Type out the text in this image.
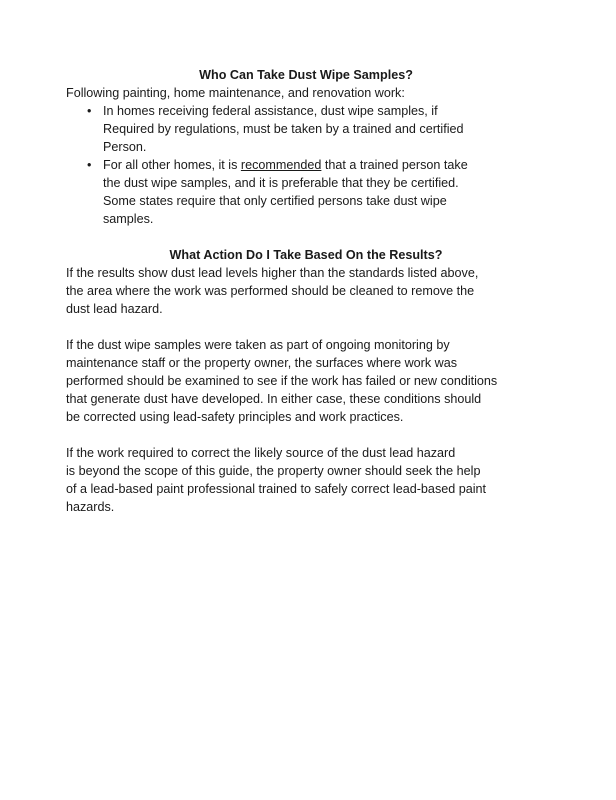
Who Can Take Dust Wipe Samples?

Following painting, home maintenance, and renovation work:

• In homes receiving federal assistance, dust wipe samples, if
Required by regulations, must be taken by a trained and certified
Person.
• For all other homes, it is recommended that a trained person take
the dust wipe samples, and it is preferable that they be certified.
Some states require that only certified persons take dust wipe
samples.
What Action Do I Take Based On the Results?

If the results show dust lead levels higher than the standards listed above,
the area where the work was performed should be cleaned to remove the
dust lead hazard.

If the dust wipe samples were taken as part of ongoing monitoring by
maintenance staff or the property owner, the surfaces where work was
performed should be examined to see if the work has failed or new conditions
that generate dust have developed. In either case, these conditions should
be corrected using lead-safety principles and work practices.

If the work required to correct the likely source of the dust lead hazard
is beyond the scope of this guide, the property owner should seek the help
of a lead-based paint professional trained to safely correct lead-based paint
hazards.
